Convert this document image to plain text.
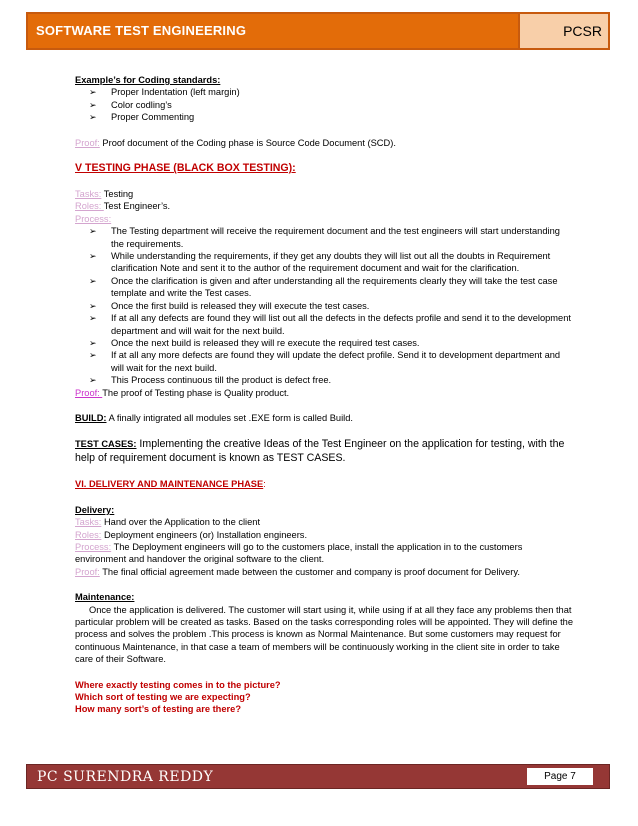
SOFTWARE TEST ENGINEERING	PCSR

Example’s for Coding standards:

➢ Proper Indentation (left margin)
➢ Color codling’s
➢ Proper Commenting

Proof: Proof document of the Coding phase is Source Code Document (SCD).

V TESTING PHASE (BLACK BOX TESTING):

Tasks: Testing

Roles: Test Engineer’s.

Process:

➢ The Testing department will receive the requirement document and the test engineers will start understanding the requirements.
➢ While understanding the requirements, if they get any doubts they will list out all the doubts in Requirement clarification Note and sent it to the author of the requirement document and wait for the clarification.
➢ Once the clarification is given and after understanding all the requirements clearly they will take the test case template and write the Test cases.
➢ Once the first build is released they will execute the test cases.
➢ If at all any defects are found they will list out all the defects in the defects profile and send it to the development department and will wait for the next build.
➢ Once the next build is released they will re execute the required test cases.
➢ If at all any more defects are found they will update the defect profile. Send it to development department and will wait for the next build.
➢ This Process continuous till the product is defect free.

Proof: The proof of Testing phase is Quality product.

BUILD: A finally intigrated all modules set .EXE form is called Build.

TEST CASES: Implementing the creative Ideas of the Test Engineer on the application for testing, with the help of requirement document is known as TEST CASES.

VI. DELIVERY AND MAINTENANCE PHASE:

Delivery:

Tasks: Hand over the Application to the client

Roles: Deployment engineers (or) Installation engineers.

Process: The Deployment engineers will go to the customers place, install the application in to the customers environment and handover the original software to the client.

Proof: The final official agreement made between the customer and company is proof document for Delivery.

Maintenance:

Once the application is delivered. The customer will start using it, while using if at all they face any problems then that particular problem will be created as tasks. Based on the tasks corresponding roles will be appointed. They will define the process and solves the problem .This process is known as Normal Maintenance. But some customers may request for continuous Maintenance, in that case a team of members will be continuously working in the client site in order to take care of their Software.

Where exactly testing comes in to the picture?

Which sort of testing we are expecting?

How many sort’s of testing are there?

PC SURENDRA REDDY	Page 7
